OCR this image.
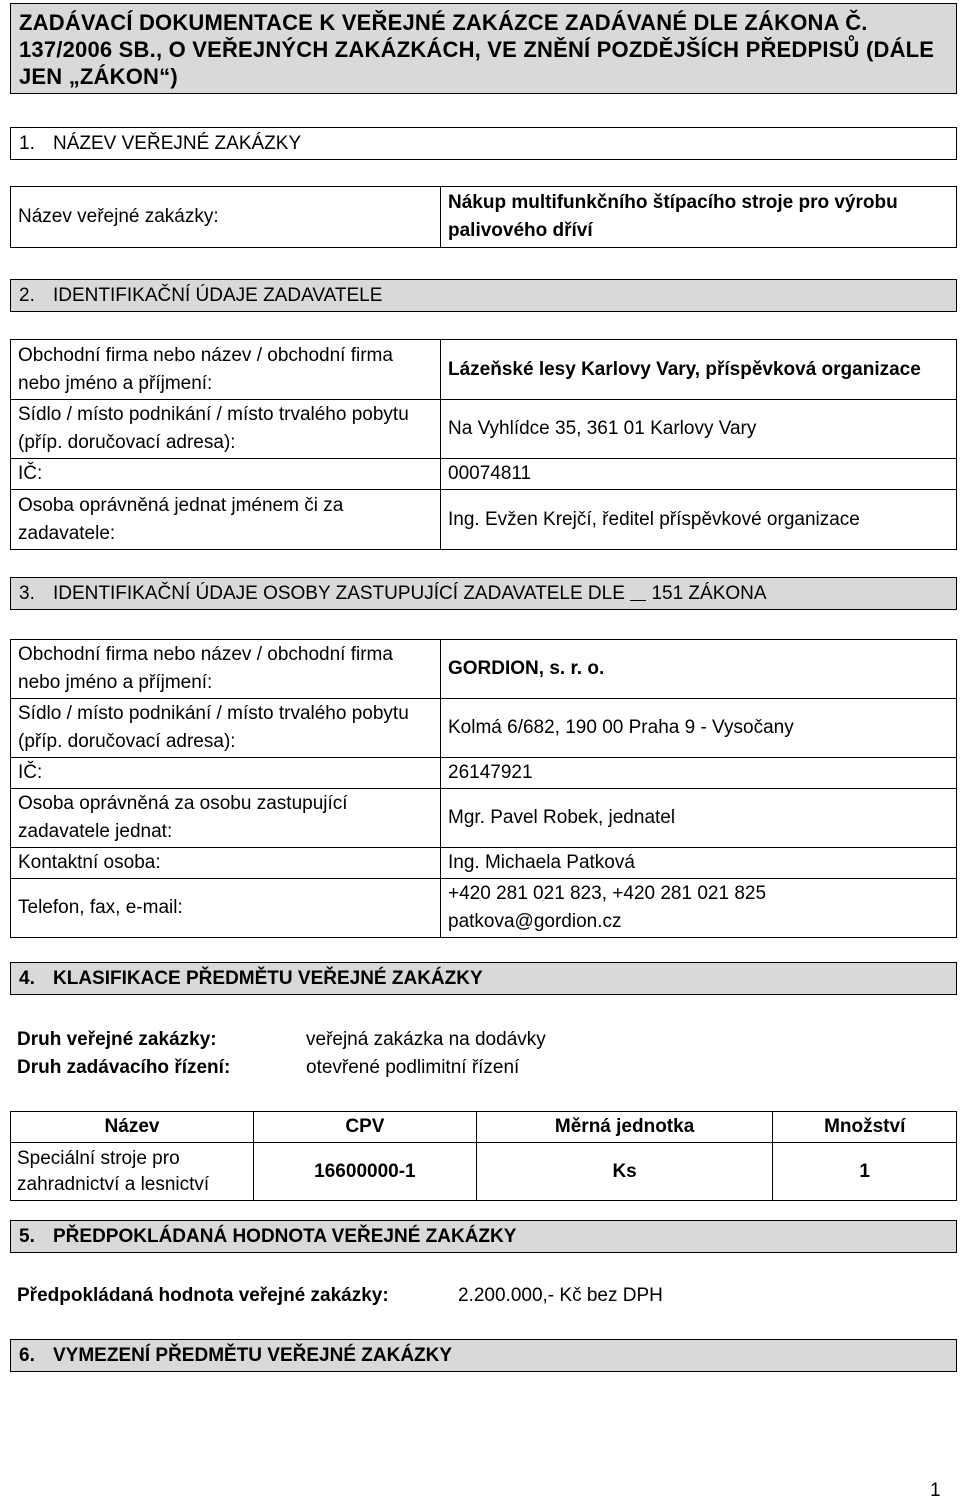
ZADÁVACÍ DOKUMENTACE K VEŘEJNÉ ZAKÁZCE ZADÁVANÉ DLE ZÁKONA Č. 137/2006 SB., O VEŘEJNÝCH ZAKÁZKÁCH, VE ZNĚNÍ POZDĚJŠÍCH PŘEDPISŮ (DÁLE JEN „ZÁKON“)
1. NÁZEV VEŘEJNÉ ZAKÁZKY
Název veřejné zakázky:	Nákup multifunkčního štípacího stroje pro výrobu palivového dříví
2. IDENTIFIKAČNÍ ÚDAJE ZADAVATELE
Obchodní firma nebo název / obchodní firma nebo jméno a příjmení:	Lázeňské lesy Karlovy Vary, příspěvková organizace
Sídlo / místo podnikání / místo trvalého pobytu (příp. doručovací adresa):	Na Vyhlídce 35, 361 01 Karlovy Vary
IČ:	00074811
Osoba oprávněná jednat jménem či za zadavatele:	Ing. Evžen Krejčí, ředitel příspěvkové organizace
3. IDENTIFIKAČNÍ ÚDAJE OSOBY ZASTUPUJÍCÍ ZADAVATELE DLE 151 ZÁKONA
Obchodní firma nebo název / obchodní firma nebo jméno a příjmení:	GORDION, s. r. o.
Sídlo / místo podnikání / místo trvalého pobytu (příp. doručovací adresa):	Kolmá 6/682, 190 00 Praha 9 - Vysočany
IČ:	26147921
Osoba oprávněná za osobu zastupující zadavatele jednat:	Mgr. Pavel Robek, jednatel
Kontaktní osoba:	Ing. Michaela Patková
Telefon, fax, e-mail:	+420 281 021 823, +420 281 021 825
patkova@gordion.cz
4. KLASIFIKACE PŘEDMĚTU VEŘEJNÉ ZAKÁZKY
Druh veřejné zakázky:	veřejná zakázka na dodávky
Druh zadávacího řízení:	otevřené podlimitní řízení
Název	CPV	Měrná jednotka	Množství
Speciální stroje pro zahradnictví a lesnictví	16600000-1	Ks	1
5. PŘEDPOKLÁDANÁ HODNOTA VEŘEJNÉ ZAKÁZKY
Předpokládaná hodnota veřejné zakázky:	2.200.000,- Kč bez DPH
6. VYMEZENÍ PŘEDMĚTU VEŘEJNÉ ZAKÁZKY
1
